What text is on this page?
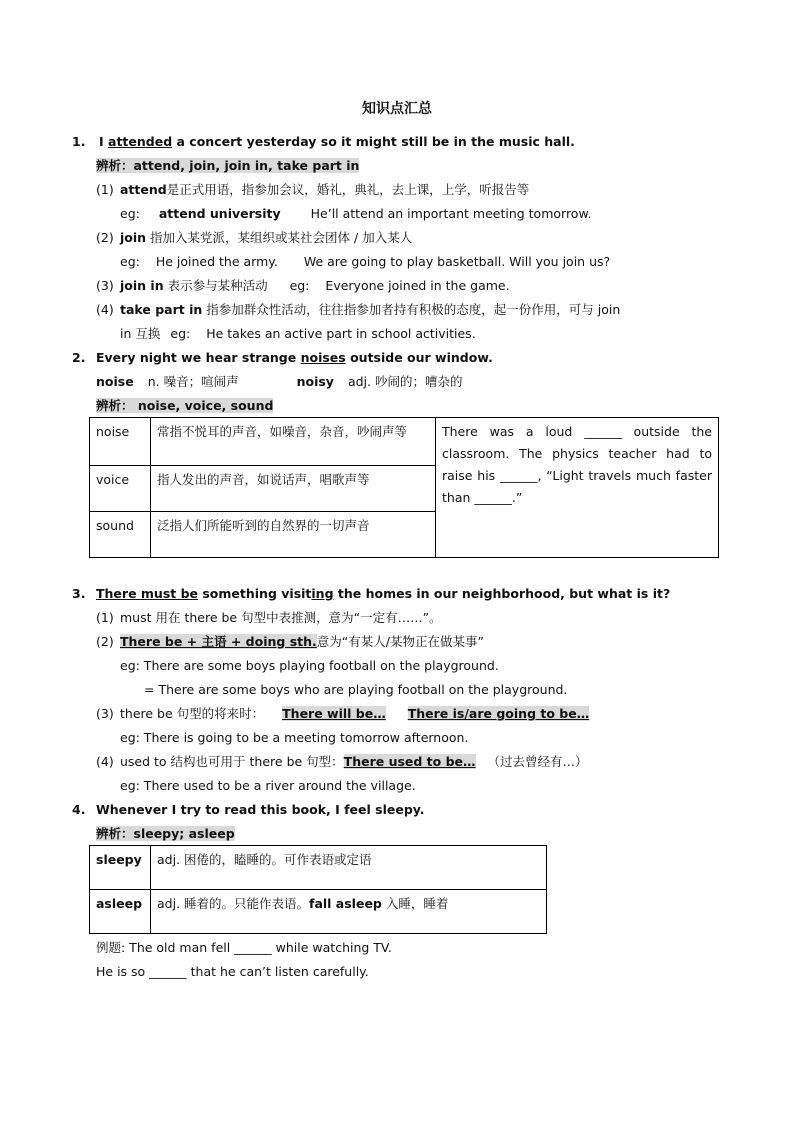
知识点汇总
1. I attended a concert yesterday so it might still be in the music hall.
辨析：attend, join, join in, take part in
(1) attend是正式用语，指参加会议，婚礼，典礼，去上课，上学，听报告等
eg: attend university He’ll attend an important meeting tomorrow.
(2) join 指加入某党派，某组织或某社会团体 / 加入某人
eg: He joined the army. We are going to play basketball. Will you join us?
(3) join in 表示参与某种活动 eg: Everyone joined in the game.
(4) take part in 指参加群众性活动，往往指参加者持有积极的态度，起一份作用，可与 join
in 互换 eg: He takes an active part in school activities.
2. Every night we hear strange noises outside our window.
noise n. 噪音；喧闹声	noisy adj. 吵闹的；嘈杂的
辨析： noise, voice, sound
noise	常指不悦耳的声音，如噪音，杂音，吵闹声等	There was a loud ______ outside the classroom. The physics teacher had to raise his ______, “Light travels much faster than ______.”
voice	指人发出的声音，如说话声，唱歌声等	
sound	泛指人们所能听到的自然界的一切声音	
3. There must be something visiting the homes in our neighborhood, but what is it?
(1) must 用在 there be 句型中表推测，意为“一定有……”。
(2) There be + 主语 + doing sth.意为“有某人/某物正在做某事”
eg: There are some boys playing football on the playground.
= There are some boys who are playing football on the playground.
(3) there be 句型的将来时： There will be… There is/are going to be…
eg: There is going to be a meeting tomorrow afternoon.
(4) used to 结构也可用于 there be 句型：There used to be… （过去曾经有…）
eg: There used to be a river around the village.
4. Whenever I try to read this book, I feel sleepy.
辨析：sleepy; asleep
sleepy	adj. 困倦的，瞌睡的。可作表语或定语
asleep	adj. 睡着的。只能作表语。fall asleep 入睡，睡着
例题: The old man fell ______ while watching TV.
He is so ______ that he can’t listen carefully.
